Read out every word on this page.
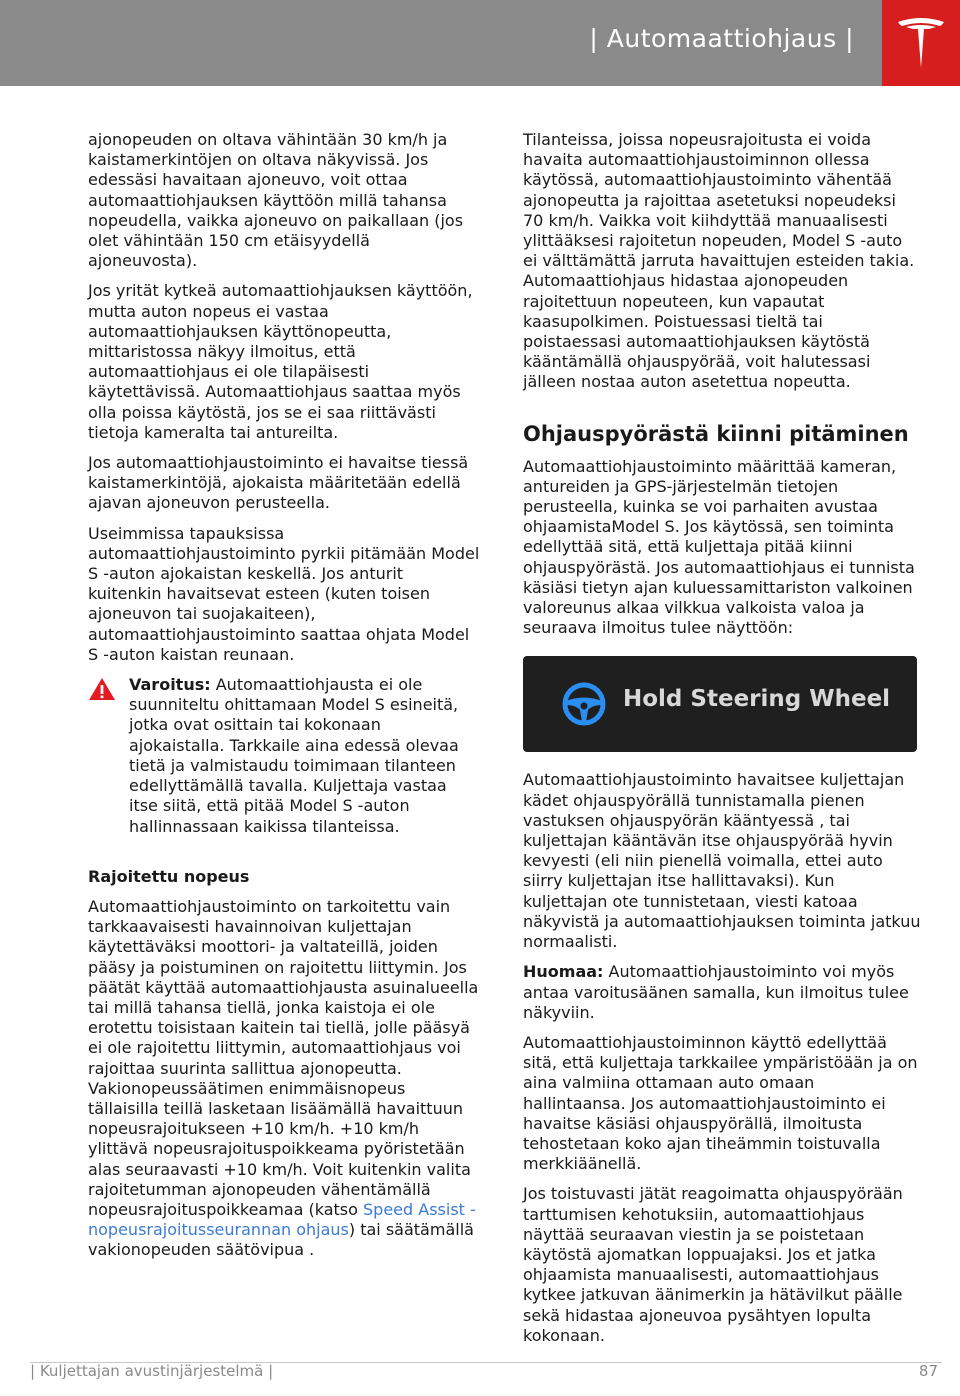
| Automaattiohjaus |

ajonopeuden on oltava vähintään 30 km/h ja kaistamerkintöjen on oltava näkyvissä. Jos edessäsi havaitaan ajoneuvo, voit ottaa automaattiohjauksen käyttöön millä tahansa nopeudella, vaikka ajoneuvo on paikallaan (jos olet vähintään 150 cm etäisyydellä ajoneuvosta).

Jos yrität kytkeä automaattiohjauksen käyttöön, mutta auton nopeus ei vastaa automaattiohjauksen käyttönopeutta, mittaristossa näkyy ilmoitus, että automaattiohjaus ei ole tilapäisesti käytettävissä. Automaattiohjaus saattaa myös olla poissa käytöstä, jos se ei saa riittävästi tietoja kameralta tai antureilta.

Jos automaattiohjaustoiminto ei havaitse tiessä kaistamerkintöjä, ajokaista määritetään edellä ajavan ajoneuvon perusteella.

Useimmissa tapauksissa automaattiohjaustoiminto pyrkii pitämään Model S -auton ajokaistan keskellä. Jos anturit kuitenkin havaitsevat esteen (kuten toisen ajoneuvon tai suojakaiteen), automaattiohjaustoiminto saattaa ohjata Model S -auton kaistan reunaan.

Varoitus: Automaattiohjausta ei ole suunniteltu ohittamaan Model S esineitä, jotka ovat osittain tai kokonaan ajokaistalla. Tarkkaile aina edessä olevaa tietä ja valmistaudu toimimaan tilanteen edellyttämällä tavalla. Kuljettaja vastaa itse siitä, että pitää Model S -auton hallinnassaan kaikissa tilanteissa.
Rajoitettu nopeus

Automaattiohjaustoiminto on tarkoitettu vain tarkkaavaisesti havainnoivan kuljettajan käytettäväksi moottori- ja valtateillä, joiden pääsy ja poistuminen on rajoitettu liittymin. Jos päätät käyttää automaattiohjausta asuinalueella tai millä tahansa tiellä, jonka kaistoja ei ole erotettu toisistaan kaitein tai tiellä, jolle pääsyä ei ole rajoitettu liittymin, automaattiohjaus voi rajoittaa suurinta sallittua ajonopeutta. Vakionopeussäätimen enimmäisnopeus tällaisilla teillä lasketaan lisäämällä havaittuun nopeusrajoitukseen +10 km/h. +10 km/h ylittävä nopeusrajoituspoikkeama pyöristetään alas seuraavasti +10 km/h. Voit kuitenkin valita rajoitetumman ajonopeuden vähentämällä nopeusrajoituspoikkeamaa (katso Speed Assist -nopeusrajoitusseurannan ohjaus) tai säätämällä vakionopeuden säätövipua .

Tilanteissa, joissa nopeusrajoitusta ei voida havaita automaattiohjaustoiminnon ollessa käytössä, automaattiohjaustoiminto vähentää ajonopeutta ja rajoittaa asetetuksi nopeudeksi 70 km/h. Vaikka voit kiihdyttää manuaalisesti ylittääksesi rajoitetun nopeuden, Model S -auto ei välttämättä jarruta havaittujen esteiden takia. Automaattiohjaus hidastaa ajonopeuden rajoitettuun nopeuteen, kun vapautat kaasupolkimen. Poistuessasi tieltä tai poistaessasi automaattiohjauksen käytöstä kääntämällä ohjauspyörää, voit halutessasi jälleen nostaa auton asetettua nopeutta.

Ohjauspyörästä kiinni pitäminen

Automaattiohjaustoiminto määrittää kameran, antureiden ja GPS-järjestelmän tietojen perusteella, kuinka se voi parhaiten avustaa ohjaamistaModel S. Jos käytössä, sen toiminta edellyttää sitä, että kuljettaja pitää kiinni ohjauspyörästä. Jos automaattiohjaus ei tunnista käsiäsi tietyn ajan kuluessamittariston valkoinen valoreunus alkaa vilkkua valkoista valoa ja seuraava ilmoitus tulee näyttöön:

Hold Steering Wheel

Automaattiohjaustoiminto havaitsee kuljettajan kädet ohjauspyörällä tunnistamalla pienen vastuksen ohjauspyörän kääntyessä , tai kuljettajan kääntävän itse ohjauspyörää hyvin kevyesti (eli niin pienellä voimalla, ettei auto siirry kuljettajan itse hallittavaksi). Kun kuljettajan ote tunnistetaan, viesti katoaa näkyvistä ja automaattiohjauksen toiminta jatkuu normaalisti.

Huomaa: Automaattiohjaustoiminto voi myös antaa varoitusäänen samalla, kun ilmoitus tulee näkyviin.

Automaattiohjaustoiminnon käyttö edellyttää sitä, että kuljettaja tarkkailee ympäristöään ja on aina valmiina ottamaan auto omaan hallintaansa. Jos automaattiohjaustoiminto ei havaitse käsiäsi ohjauspyörällä, ilmoitusta tehostetaan koko ajan tiheämmin toistuvalla merkkiäänellä.

Jos toistuvasti jätät reagoimatta ohjauspyörään tarttumisen kehotuksiin, automaattiohjaus näyttää seuraavan viestin ja se poistetaan käytöstä ajomatkan loppuajaksi. Jos et jatka ohjaamista manuaalisesti, automaattiohjaus kytkee jatkuvan äänimerkin ja hätävilkut päälle sekä hidastaa ajoneuvoa pysähtyen lopulta kokonaan.

| Kuljettajan avustinjärjestelmä |	87
